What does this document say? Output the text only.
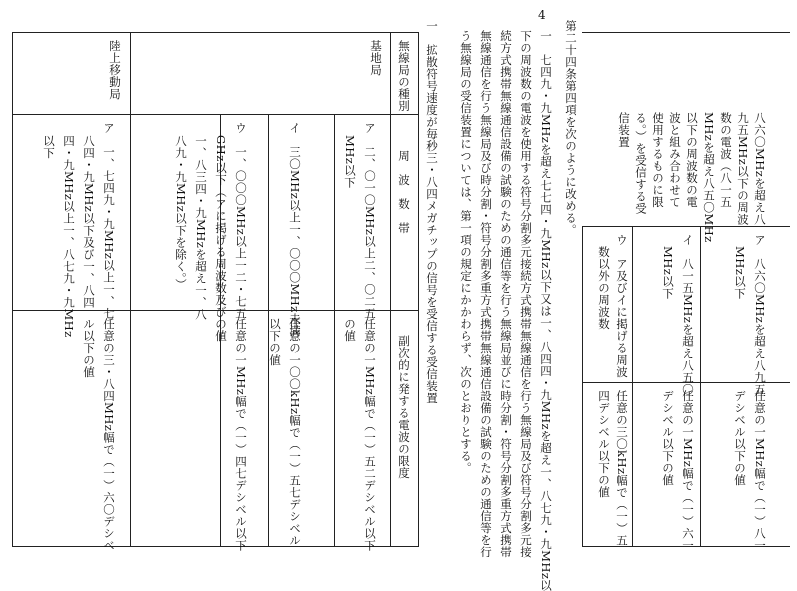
4
第二十四条第四項を次のように改める。
一　七四九・九MHzを超え七七四・九MHz以下又は一、八四四・九MHzを超え一、八七九・九MHz以
下の周波数の電波を使用する符号分割多元接続方式携帯無線通信を行う無線局及び符号分割多元接
続方式携帯無線通信設備の試験のための通信等を行う無線局並びに時分割・符号分割多重方式携帯
無線通信を行う無線局及び時分割・符号分割多重方式携帯無線通信設備の試験のための通信等を行
う無線局の受信装置については、第一項の規定にかかわらず、次のとおりとする。
一　拡散符号速度が毎秒三・八四メガチップの信号を受信する受信装置
無線局の種別
周　波　数　帯
副次的に発する電波の限度
基地局
陸上移動局
ア　二、〇一〇MHz以上二、〇二五
MHz以下
任意の一MHz幅で（一）五二デシベル以下
の値
イ　三〇MHz以上一、〇〇〇MHz未満
任意の一〇〇kHz幅で（一）五七デシベル
以下の値
ウ　一、〇〇〇MHz以上一二・七五
GHz以下（アに掲げる周波数及び
一、八三四・九MHzを超え一、八
八九・九MHz以下を除く。）
任意の一MHz幅で（一）四七デシベル以下
の値
ア　一、七四九・九MHz以上一、七
八四・九MHz以下及び一、八四
四・九MHz以上一、八七九・九MHz
以下
任意の三・八四MHz幅で（一）六〇デシベ
ル以下の値
八六〇MHzを超え八
九五MHz以下の周波
数の電波（八一五
MHzを超え八五〇MHz
以下の周波数の電
波と組み合わせて
使用するものに限
る。）を受信する受
信装置
ア　八六〇MHzを超え八九五
MHz以下
任意の一MHz幅で（一）八一
デシベル以下の値
イ　八一五MHzを超え八五〇
MHz以下
任意の一MHz幅で（一）六一
デシベル以下の値
ウ　ア及びイに掲げる周波
数以外の周波数
任意の三〇kHz幅で（一）五
四デシベル以下の値
